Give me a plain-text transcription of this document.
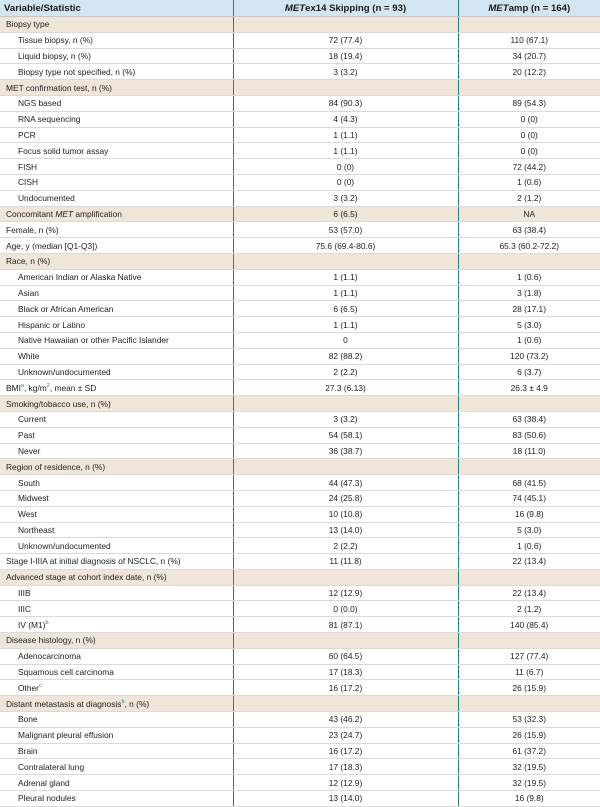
Variable/Statistic	METex14 Skipping (n = 93)	METamp (n = 164)
Biopsy type		
Tissue biopsy, n (%)	72 (77.4)	110 (67.1)
Liquid biopsy, n (%)	18 (19.4)	34 (20.7)
Biopsy type not specified, n (%)	3 (3.2)	20 (12.2)
MET confirmation test, n (%)		
NGS based	84 (90.3)	89 (54.3)
RNA sequencing	4 (4.3)	0 (0)
PCR	1 (1.1)	0 (0)
Focus solid tumor assay	1 (1.1)	0 (0)
FISH	0 (0)	72 (44.2)
CISH	0 (0)	1 (0.6)
Undocumented	3 (3.2)	2 (1.2)
Concomitant MET amplification	6 (6.5)	NA
Female, n (%)	53 (57.0)	63 (38.4)
Age, y (median [Q1-Q3])	75.6 (69.4-80.6)	65.3 (60.2-72.2)
Race, n (%)		
American Indian or Alaska Native	1 (1.1)	1 (0.6)
Asian	1 (1.1)	3 (1.8)
Black or African American	6 (6.5)	28 (17.1)
Hispanic or Latino	1 (1.1)	5 (3.0)
Native Hawaiian or other Pacific Islander	0	1 (0.6)
White	82 (88.2)	120 (73.2)
Unknown/undocumented	2 (2.2)	6 (3.7)
BMI$^a$, $kg/m^2$, mean ± SD	27.3 (6.13)	26.3 ± 4.9
Smoking/tobacco use, n (%)		
Current	3 (3.2)	63 (38.4)
Past	54 (58.1)	83 (50.6)
Never	36 (38.7)	18 (11.0)
Region of residence, n (%)		
South	44 (47.3)	68 (41.5)
Midwest	24 (25.8)	74 (45.1)
West	10 (10.8)	16 (9.8)
Northeast	13 (14.0)	5 (3.0)
Unknown/undocumented	2 (2.2)	1 (0.6)
Stage I-IIIA at initial diagnosis of NSCLC, n (%)	11 (11.8)	22 (13.4)
Advanced stage at cohort index date, n (%)		
IIIB	12 (12.9)	22 (13.4)
IIIC	0 (0.0)	2 (1.2)
IV $(M1)^b$	81 (87.1)	140 (85.4)
Disease histology, n (%)		
Adenocarcinoma	60 (64.5)	127 (77.4)
Squamous cell carcinoma	17 (18.3)	11 (6.7)
Other$^c$	16 (17.2)	26 (15.9)
Distant metastasis at diagnosis$^b$, n (%)		
Bone	43 (46.2)	53 (32.3)
Malignant pleural effusion	23 (24.7)	26 (15.9)
Brain	16 (17.2)	61 (37.2)
Contralateral lung	17 (18.3)	32 (19.5)
Adrenal gland	12 (12.9)	32 (19.5)
Pleural nodules	13 (14.0)	16 (9.8)
